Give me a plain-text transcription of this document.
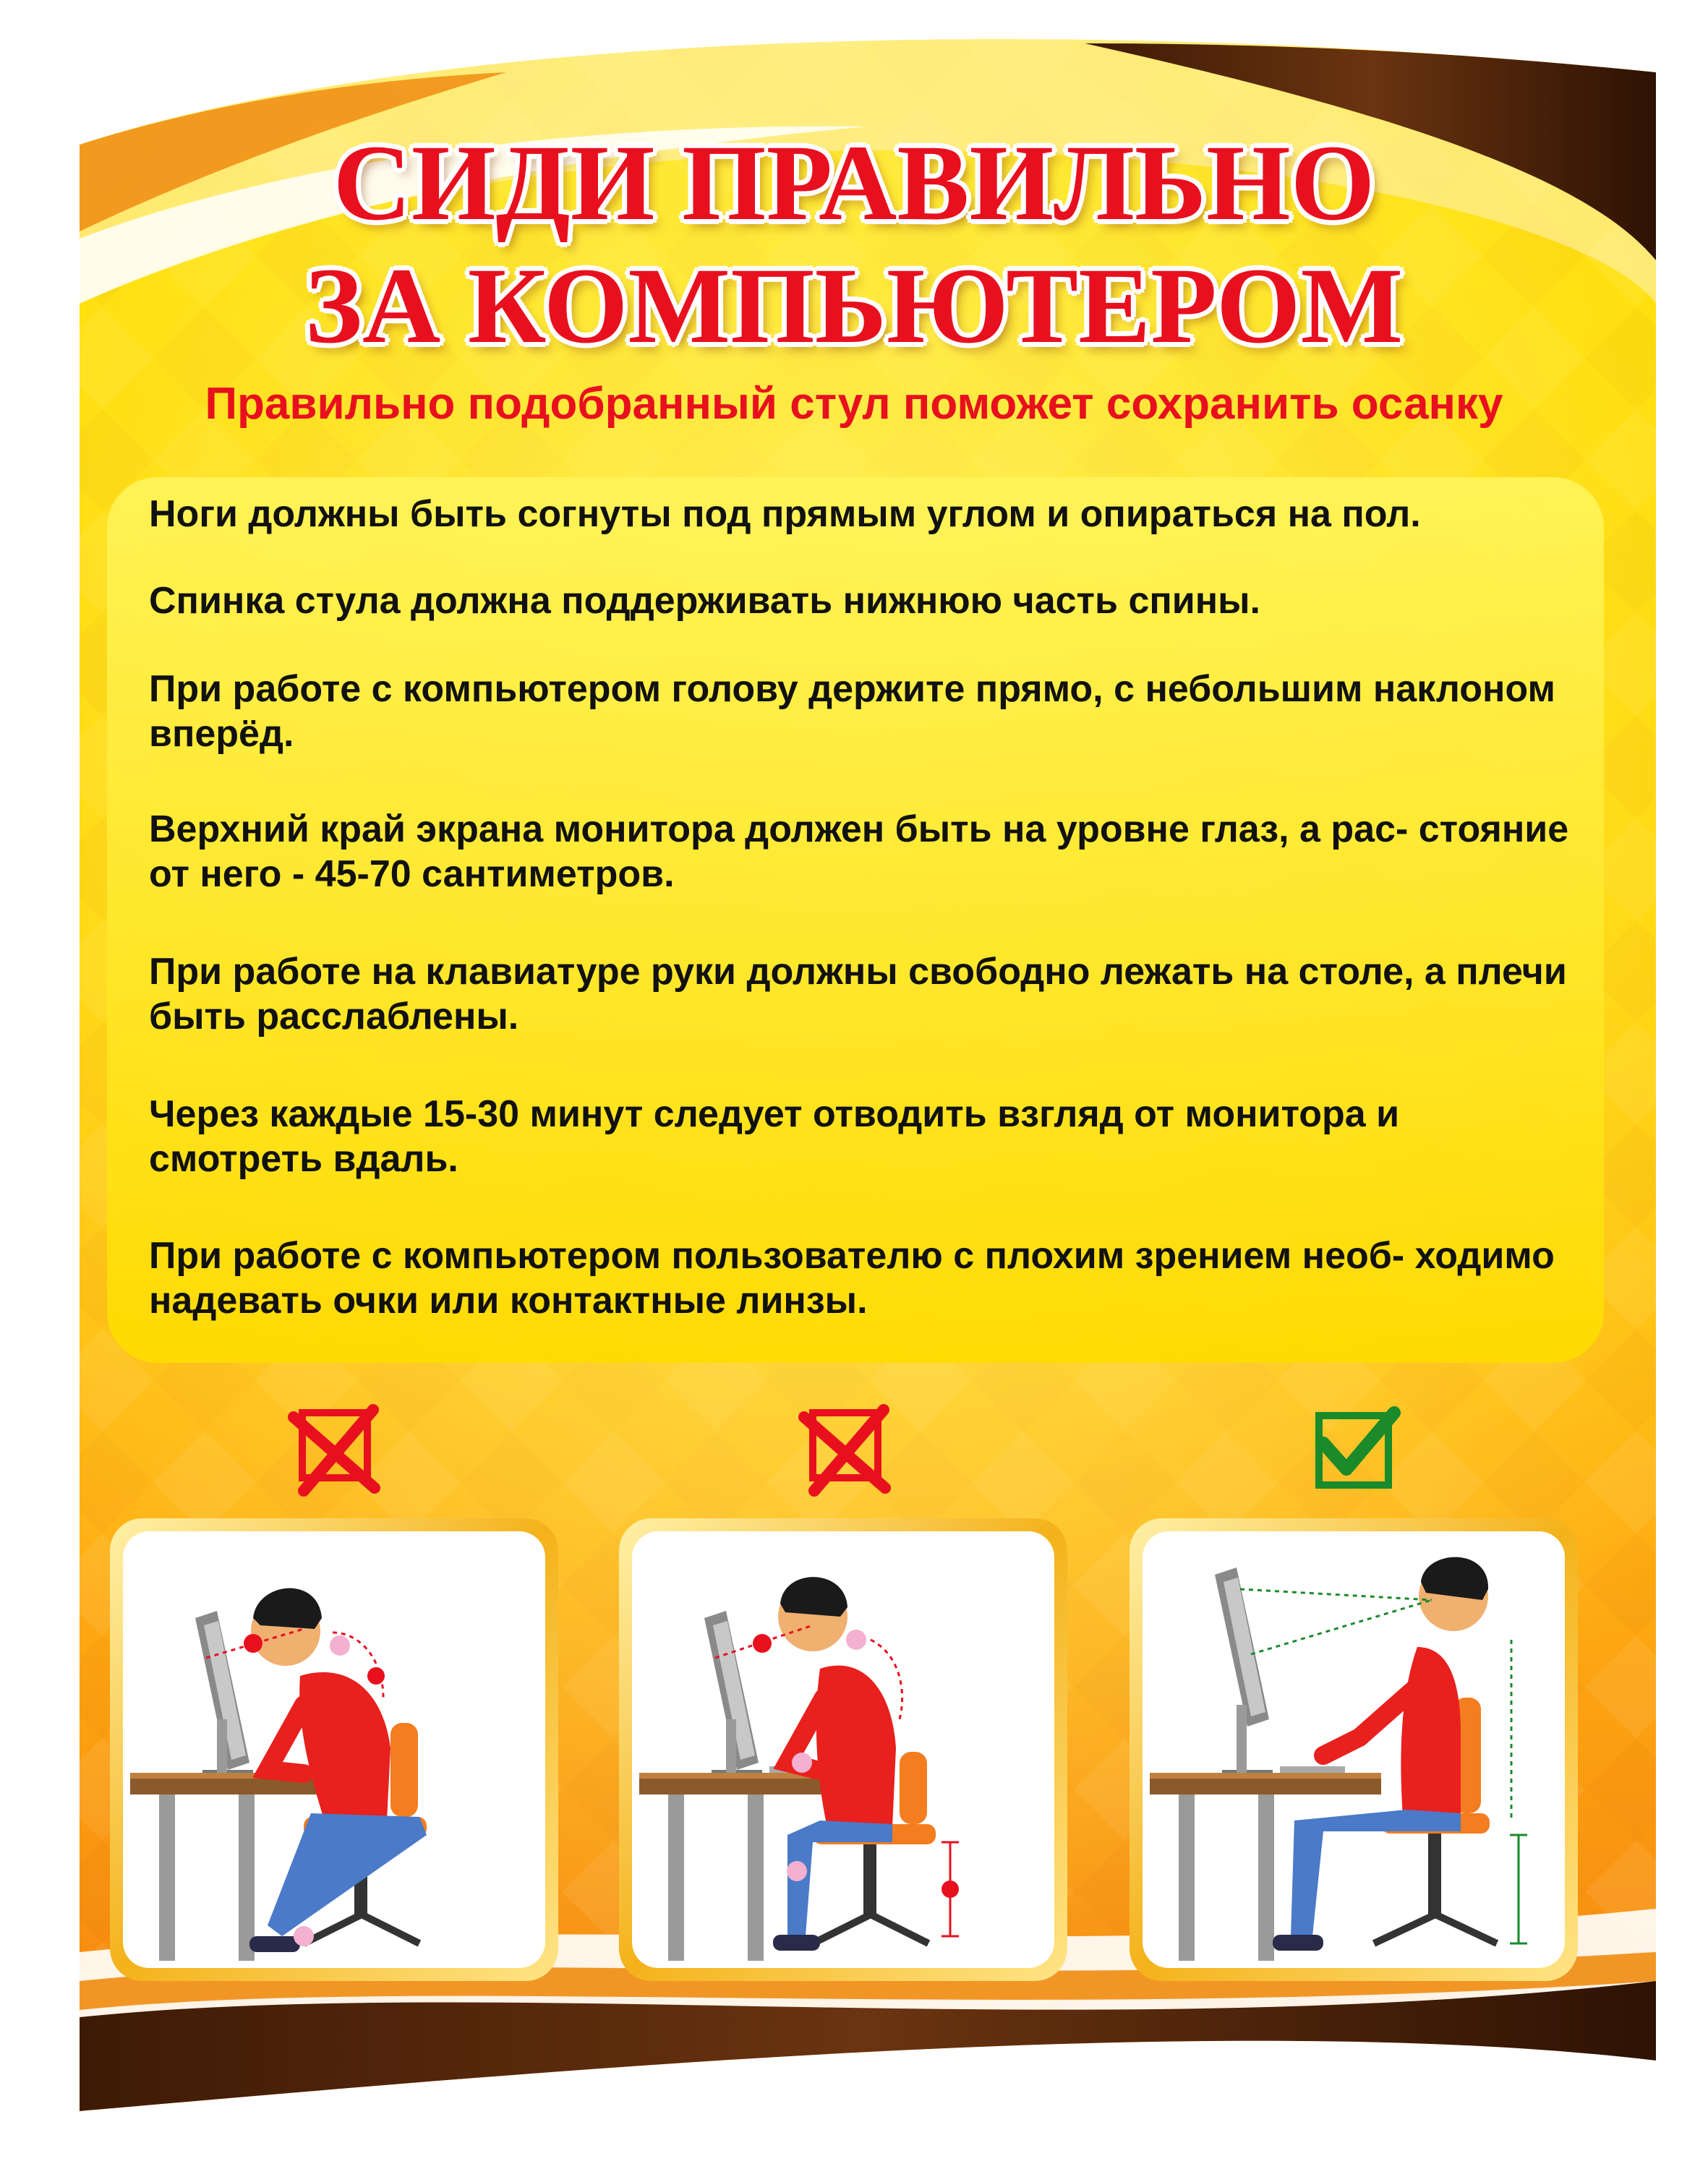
СИДИ ПРАВИЛЬНО
ЗА КОМПЬЮТЕРОМ
Правильно подобранный стул поможет сохранить осанку
Ноги должны быть согнуты под прямым углом и опираться на пол.
Спинка стула должна поддерживать нижнюю часть спины.
При работе с компьютером голову держите прямо, с небольшим наклоном вперёд.
Верхний край экрана монитора должен быть на уровне глаз, а рас- стояние от него - 45-70 сантиметров.
При работе на клавиатуре руки должны свободно лежать на столе, а плечи быть расслаблены.
Через каждые 15-30 минут следует отводить взгляд от монитора и смотреть вдаль.
При работе с компьютером пользователю с плохим зрением необ- ходимо надевать очки или контактные линзы.
